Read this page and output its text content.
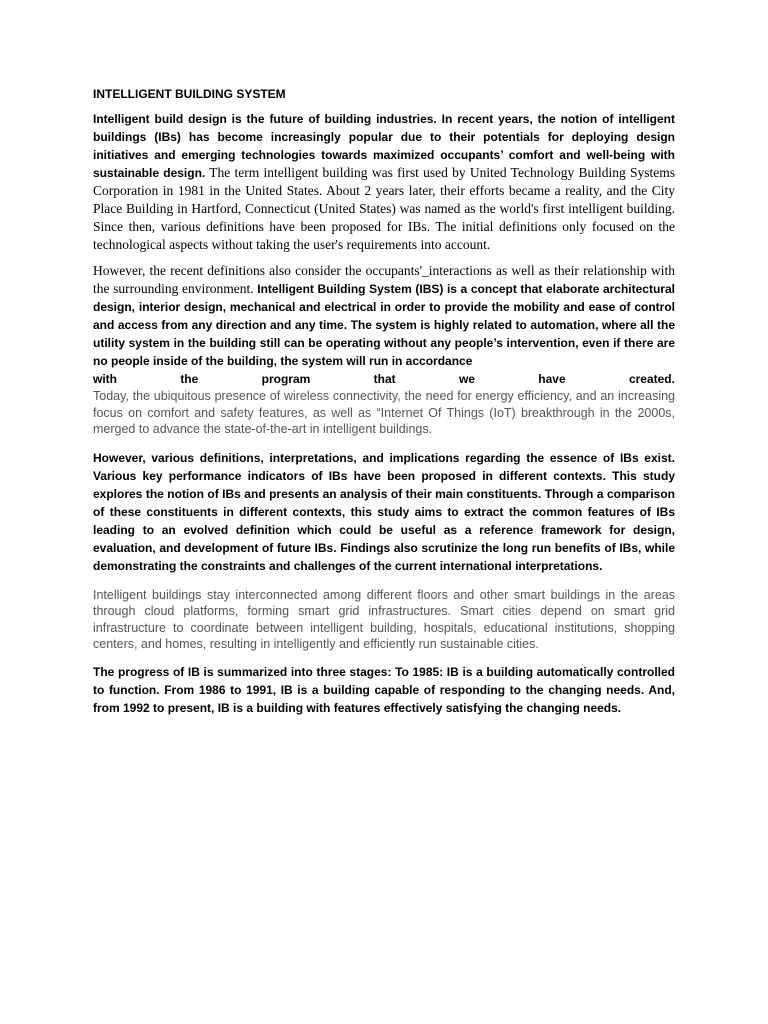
INTELLIGENT BUILDING SYSTEM

Intelligent build design is the future of building industries. In recent years, the notion of intelligent buildings (IBs) has become increasingly popular due to their potentials for deploying design initiatives and emerging technologies towards maximized occupants’ comfort and well-being with sustainable design. The term intelligent building was first used by United Technology Building Systems Corporation in 1981 in the United States. About 2 years later, their efforts became a reality, and the City Place Building in Hartford, Connecticut (United States) was named as the world's first intelligent building. Since then, various definitions have been proposed for IBs. The initial definitions only focused on the technological aspects without taking the user's requirements into account.

However, the recent definitions also consider the occupants'_interactions as well as their relationship with the surrounding environment. Intelligent Building System (IBS) is a concept that elaborate architectural design, interior design, mechanical and electrical in order to provide the mobility and ease of control and access from any direction and any time. The system is highly related to automation, where all the utility system in the building still can be operating without any people’s intervention, even if there are no people inside of the building, the system will run in accordance

with	the	program	that	we	have	created.

Today, the ubiquitous presence of wireless connectivity, the need for energy efficiency, and an increasing focus on comfort and safety features, as well as “Internet Of Things (IoT) breakthrough in the 2000s, merged to advance the state-of-the-art in intelligent buildings.

However, various definitions, interpretations, and implications regarding the essence of IBs exist. Various key performance indicators of IBs have been proposed in different contexts. This study explores the notion of IBs and presents an analysis of their main constituents. Through a comparison of these constituents in different contexts, this study aims to extract the common features of IBs leading to an evolved definition which could be useful as a reference framework for design, evaluation, and development of future IBs. Findings also scrutinize the long run benefits of IBs, while demonstrating the constraints and challenges of the current international interpretations.

Intelligent buildings stay interconnected among different floors and other smart buildings in the areas through cloud platforms, forming smart grid infrastructures. Smart cities depend on smart grid infrastructure to coordinate between intelligent building, hospitals, educational institutions, shopping centers, and homes, resulting in intelligently and efficiently run sustainable cities.

The progress of IB is summarized into three stages: To 1985: IB is a building automatically controlled to function. From 1986 to 1991, IB is a building capable of responding to the changing needs. And, from 1992 to present, IB is a building with features effectively satisfying the changing needs.
